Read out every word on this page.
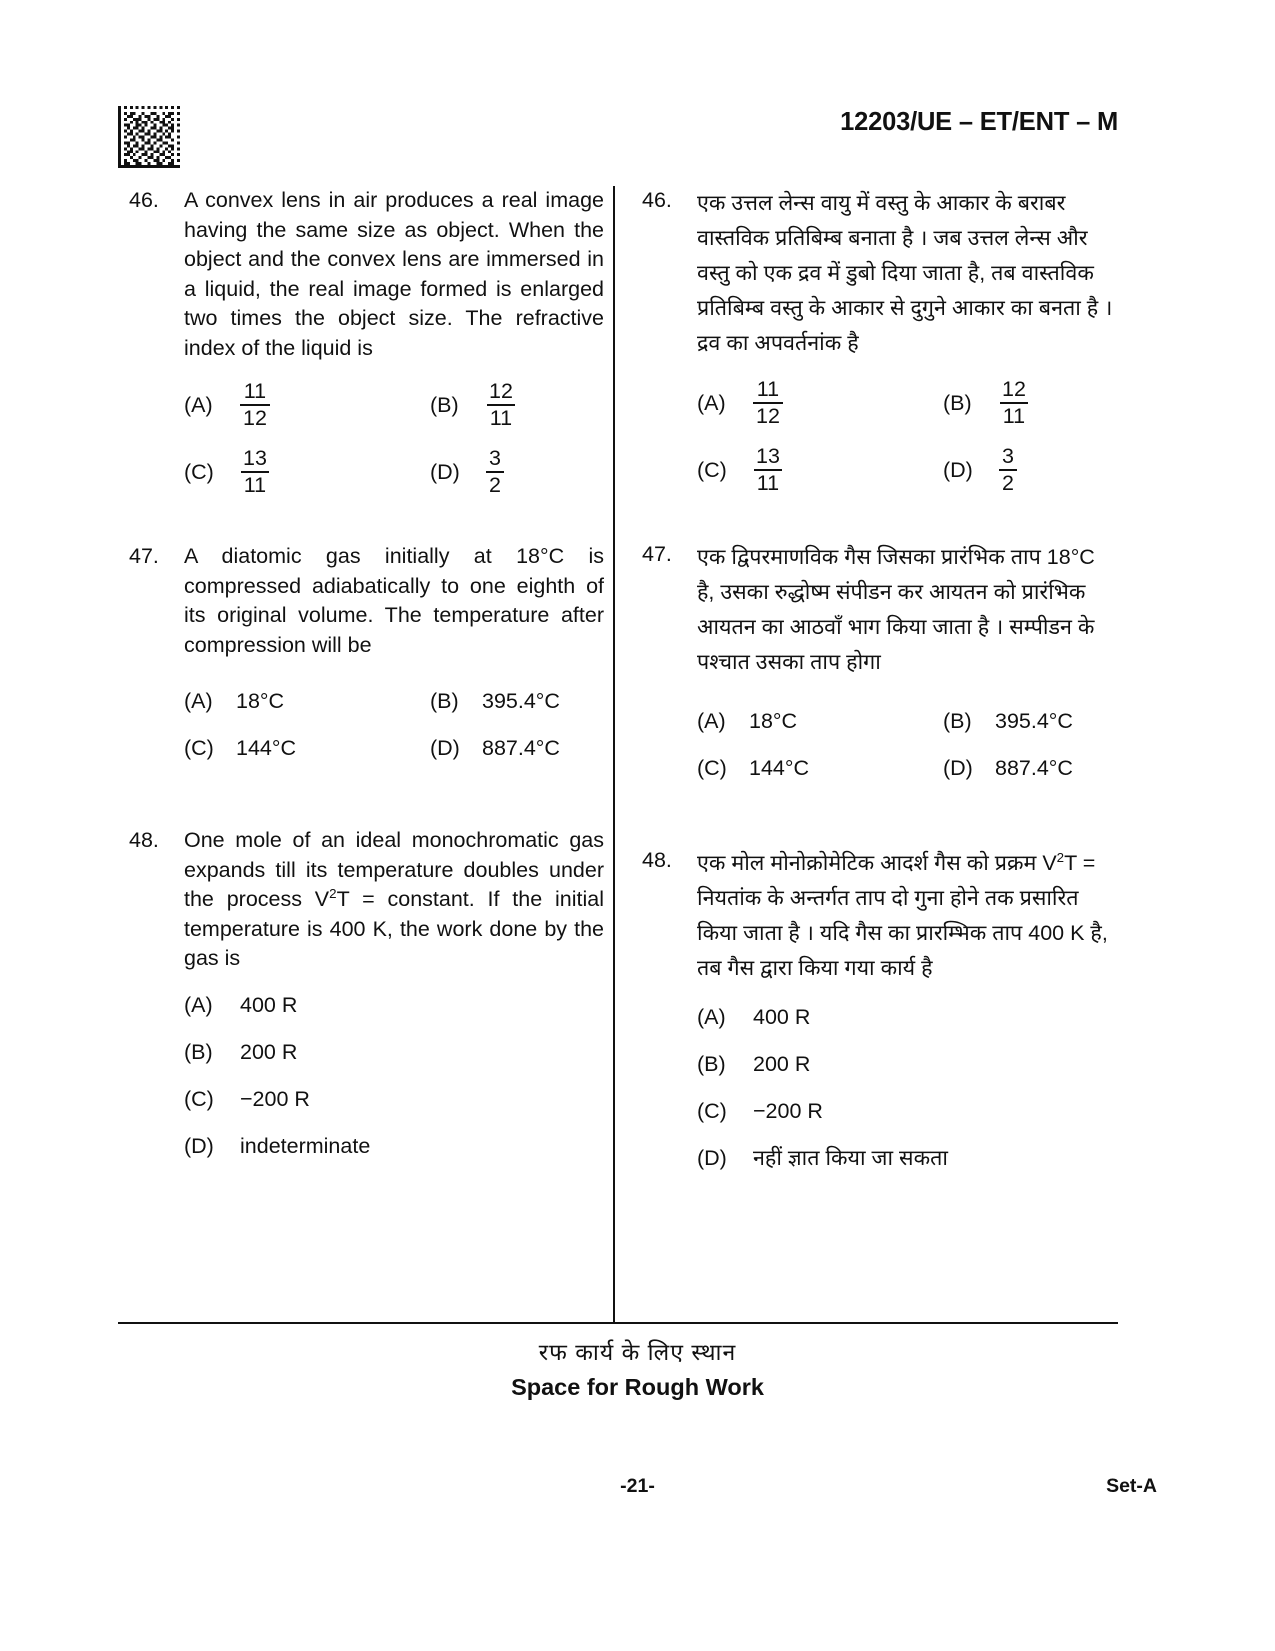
12203/UE – ET/ENT – M
46.	A convex lens in air produces a real image having the same size as object. When the object and the convex lens are immersed in a liquid, the real image formed is enlarged two times the object size. The refractive index of the liquid is
(A)	$\frac{11}{12}$	(B)	$\frac{12}{11}$
(C)	$\frac{13}{11}$	(D)	$\frac{3}{2}$
47.	A diatomic gas initially at 18°C is compressed adiabatically to one eighth of its original volume. The temperature after compression will be
(A)	18°C	(B)	395.4°C
(C)	144°C	(D)	887.4°C
48.	One mole of an ideal monochromatic gas expands till its temperature doubles under the process $V^2T$ = constant. If the initial temperature is 400 K, the work done by the gas is
(A)	400 R
(B)	200 R
(C)	−200 R
(D)	indeterminate
46.	एक उत्तल लेन्स वायु में वस्तु के आकार के बराबर वास्तविक प्रतिबिम्ब बनाता है । जब उत्तल लेन्स और वस्तु को एक द्रव में डुबो दिया जाता है, तब वास्तविक प्रतिबिम्ब वस्तु के आकार से दुगुने आकार का बनता है । द्रव का अपवर्तनांक है
(A)	$\frac{11}{12}$	(B)	$\frac{12}{11}$
(C)	$\frac{13}{11}$	(D)	$\frac{3}{2}$
47.	एक द्विपरमाणविक गैस जिसका प्रारंभिक ताप 18°C है, उसका रुद्धोष्म संपीडन कर आयतन को प्रारंभिक आयतन का आठवाँ भाग किया जाता है । सम्पीडन के पश्चात उसका ताप होगा
(A)	18°C	(B)	395.4°C
(C)	144°C	(D)	887.4°C
48.	एक मोल मोनोक्रोमेटिक आदर्श गैस को प्रक्रम $V^2T$ = नियतांक के अन्तर्गत ताप दो गुना होने तक प्रसारित किया जाता है । यदि गैस का प्रारम्भिक ताप 400 K है, तब गैस द्वारा किया गया कार्य है
(A)	400 R
(B)	200 R
(C)	−200 R
(D)	नहीं ज्ञात किया जा सकता
रफ कार्य के लिए स्थान
Space for Rough Work
-21-	Set-A
